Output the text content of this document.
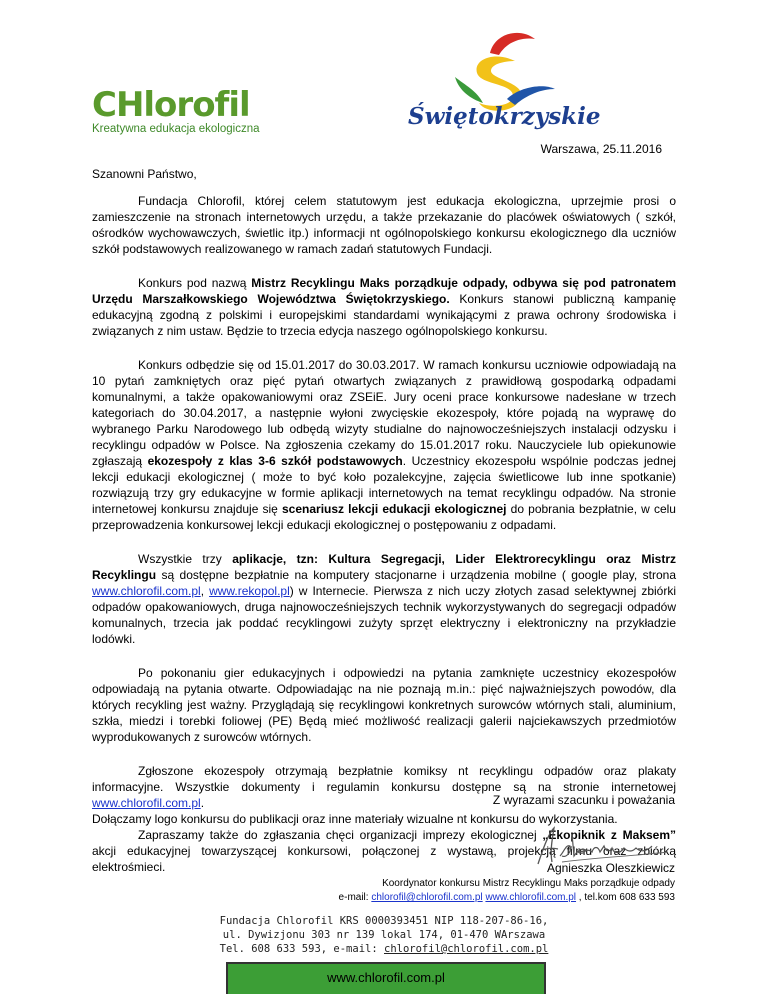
CHlorofil
Kreatywna edukacja ekologiczna	Świętokrzyskie
Warszawa, 25.11.2016

Szanowni Państwo,

Fundacja Chlorofil, której celem statutowym jest edukacja ekologiczna, uprzejmie prosi o zamieszczenie na stronach internetowych urzędu, a także przekazanie do placówek oświatowych ( szkół, ośrodków wychowawczych, świetlic itp.) informacji nt ogólnopolskiego konkursu ekologicznego dla uczniów szkół podstawowych realizowanego w ramach zadań statutowych Fundacji.

Konkurs pod nazwą Mistrz Recyklingu Maks porządkuje odpady, odbywa się pod patronatem Urzędu Marszałkowskiego Województwa Świętokrzyskiego. Konkurs stanowi publiczną kampanię edukacyjną zgodną z polskimi i europejskimi standardami wynikającymi z prawa ochrony środowiska i związanych z nim ustaw. Będzie to trzecia edycja naszego ogólnopolskiego konkursu.

Konkurs odbędzie się od 15.01.2017 do 30.03.2017. W ramach konkursu uczniowie odpowiadają na 10 pytań zamkniętych oraz pięć pytań otwartych związanych z prawidłową gospodarką odpadami komunalnymi, a także opakowaniowymi oraz ZSEiE. Jury oceni prace konkursowe nadesłane w trzech kategoriach do 30.04.2017, a następnie wyłoni zwycięskie ekozespoły, które pojadą na wyprawę do wybranego Parku Narodowego lub odbędą wizyty studialne do najnowocześniejszych instalacji odzysku i recyklingu odpadów w Polsce. Na zgłoszenia czekamy do 15.01.2017 roku. Nauczyciele lub opiekunowie zgłaszają ekozespoły z klas 3-6 szkół podstawowych. Uczestnicy ekozespołu wspólnie podczas jednej lekcji edukacji ekologicznej ( może to być koło pozalekcyjne, zajęcia świetlicowe lub inne spotkanie) rozwiązują trzy gry edukacyjne w formie aplikacji internetowych na temat recyklingu odpadów. Na stronie internetowej konkursu znajduje się scenariusz lekcji edukacji ekologicznej do pobrania bezpłatnie, w celu przeprowadzenia konkursowej lekcji edukacji ekologicznej o postępowaniu z odpadami.

Wszystkie trzy aplikacje, tzn: Kultura Segregacji, Lider Elektrorecyklingu oraz Mistrz Recyklingu są dostępne bezpłatnie na komputery stacjonarne i urządzenia mobilne ( google play, strona www.chlorofil.com.pl, www.rekopol.pl) w Internecie. Pierwsza z nich uczy złotych zasad selektywnej zbiórki odpadów opakowaniowych, druga najnowocześniejszych technik wykorzystywanych do segregacji odpadów komunalnych, trzecia jak poddać recyklingowi zużyty sprzęt elektryczny i elektroniczny na przykładzie lodówki.

Po pokonaniu gier edukacyjnych i odpowiedzi na pytania zamknięte uczestnicy ekozespołów odpowiadają na pytania otwarte. Odpowiadając na nie poznają m.in.: pięć najważniejszych powodów, dla których recykling jest ważny. Przyglądają się recyklingowi konkretnych surowców wtórnych stali, aluminium, szkła, miedzi i torebki foliowej (PE) Będą mieć możliwość realizacji galerii najciekawszych przedmiotów wyprodukowanych z surowców wtórnych.

Zgłoszone ekozespoły otrzymają bezpłatnie komiksy nt recyklingu odpadów oraz plakaty informacyjne. Wszystkie dokumenty i regulamin konkursu dostępne są na stronie internetowej www.chlorofil.com.pl.

Dołączamy logo konkursu do publikacji oraz inne materiały wizualne nt konkursu do wykorzystania.

Zapraszamy także do zgłaszania chęci organizacji imprezy ekologicznej „Ekopiknik z Maksem” akcji edukacyjnej towarzyszącej konkursowi, połączonej z wystawą, projekcją filmu oraz zbiórką elektrośmieci.

Z wyrazami szacunku i poważania
Agnieszka Oleszkiewicz
Koordynator konkursu Mistrz Recyklingu Maks porządkuje odpady
e-mail: chlorofil@chlorofil.com.pl www.chlorofil.com.pl , tel.kom 608 633 593
Fundacja Chlorofil KRS 0000393451 NIP 118-207-86-16,
ul. Dywizjonu 303 nr 139 lokal 174, 01-470 WArszawa
Tel. 608 633 593, e-mail: chlorofil@chlorofil.com.pl
www.chlorofil.com.pl
